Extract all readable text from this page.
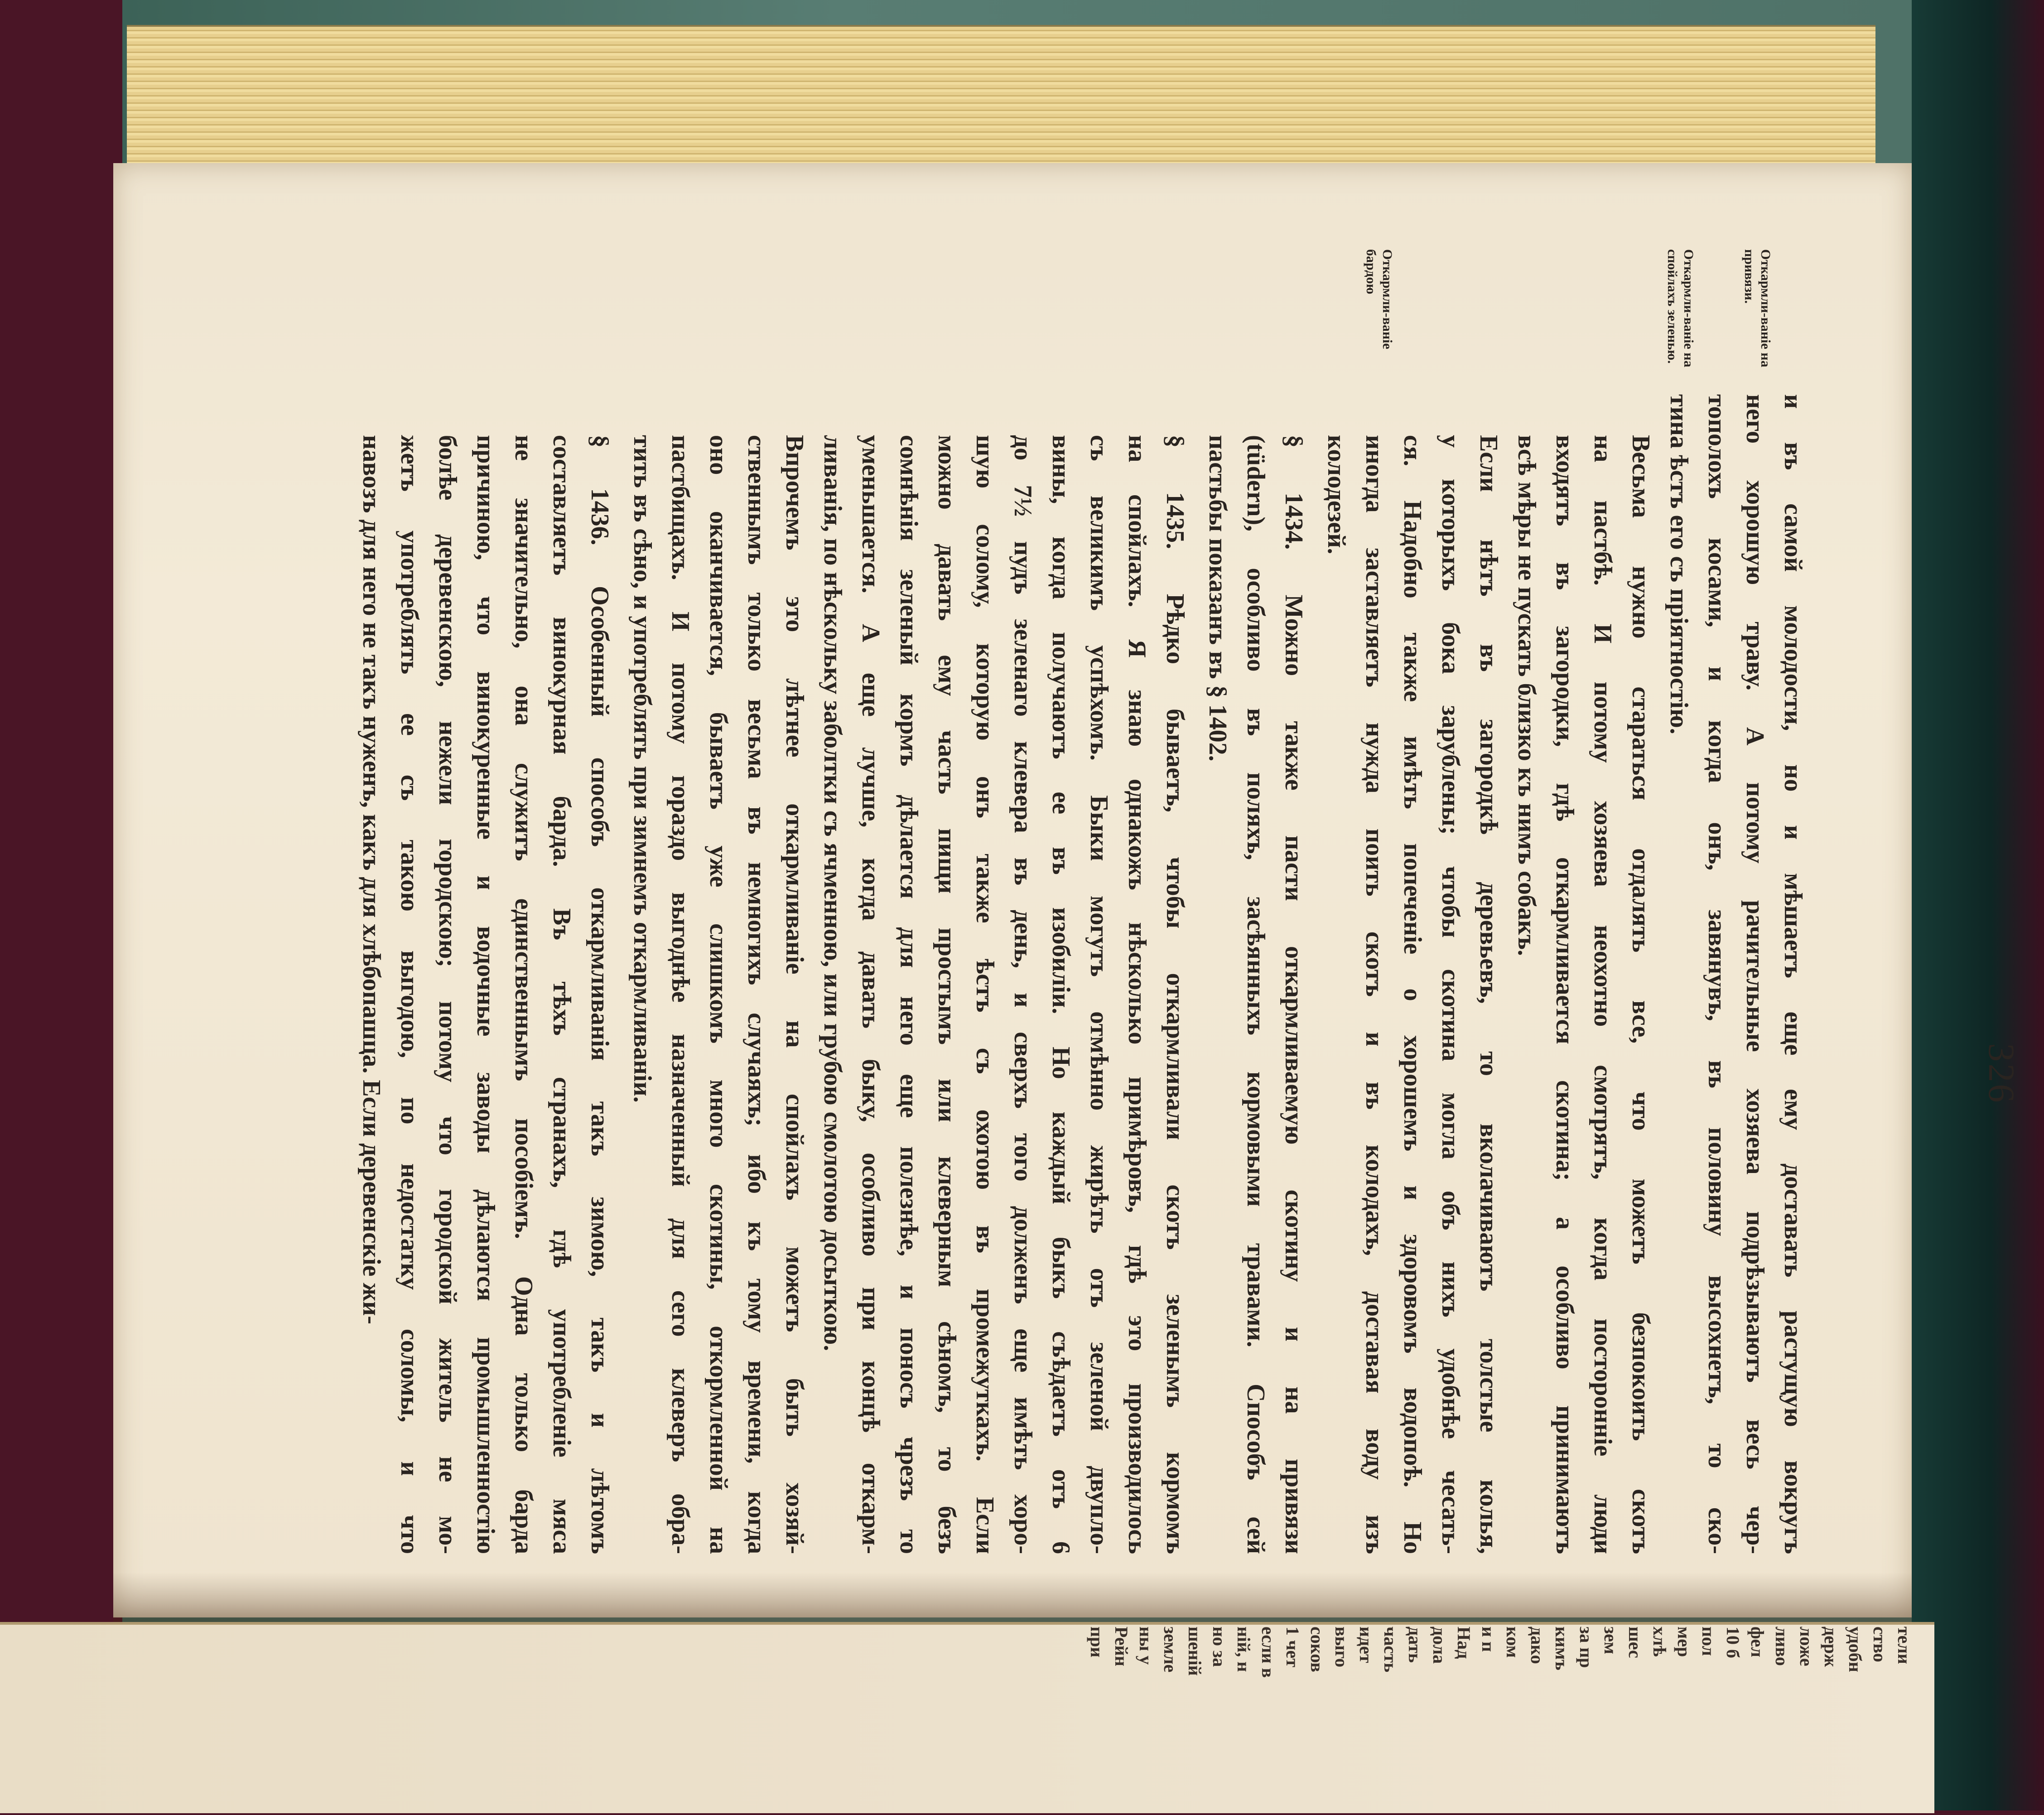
тели
ство
удобн
держ
ложе
ливо
фел
10 б
пол
мер
хлѣ
шес
зем
за пр
кимъ
дако
ком
и п
Над
дола
дать
часть
идет
выго
соков
1 чет
если в
ній, н
но за
шеній
земле
ны у
Рейн
при
326
Откармли-ваніе на привязи.
Откармли-ваніе на спойлахъ зеленью.
Откармли-ваніе бардою

и въ самой молодости, но и мѣшаетъ еще ему доставать растущую вокругъ
него хорошую траву. А потому рачительные хозяева подрѣзываютъ весь чер-
тополохъ косами, и когда онъ, завянувъ, въ половину высохнетъ, то ско-
тина ѣстъ его съ пріятностію.

Весьма нужно стараться отдалять все, что можетъ безпокоить скотъ
на пастбѣ. И потому хозяева неохотно смотрятъ, когда посторонніе люди
входятъ въ загородки, гдѣ откармливается скотина; а особливо принимаютъ
всѣ мѣры не пускать близко къ нимъ собакъ.

Если нѣтъ въ загородкѣ деревьевъ, то вколачиваютъ толстые колья,
у которыхъ бока зарублены; чтобы скотина могла объ нихъ удобнѣе чесать-
ся. Надобно также имѣть попеченіе о хорошемъ и здоровомъ водопоѣ. Но
иногда заставляетъ нужда поить скотъ и въ колодахъ, доставая воду изъ
колодезей.

§ 1434. Можно также пасти откармливаемую скотину и на привязи
(tüdern), особливо въ поляхъ, засѣянныхъ кормовыми травами. Способъ сей
пастьбы показанъ въ § 1402.

§ 1435. Рѣдко бываетъ, чтобы откармливали скотъ зеленымъ кормомъ
на спойлахъ. Я знаю однакожъ нѣсколько примѣровъ, гдѣ это производилось
съ великимъ успѣхомъ. Быки могутъ отмѣнно жирѣть отъ зеленой двупло-
вины, когда получаютъ ее въ изобиліи. Но каждый быкъ съѣдаетъ отъ 6
до 7½ пудъ зеленаго клевера въ день, и сверхъ того долженъ еще имѣть хоро-
шую солому, которую онъ также ѣстъ съ охотою въ промежуткахъ. Если
можно давать ему часть пищи простымъ или клеверным сѣномъ, то безъ
сомнѣнія зеленый кормъ дѣлается для него еще полезнѣе, и поносъ чрезъ то
уменьшается. А еще лучше, когда давать быку, особливо при концѣ откарм-
ливанія, по нѣскольку заболтки съ ячменною, или грубою смолотою досыткою.

Впрочемъ это лѣтнее откармливаніе на спойлахъ можетъ быть хозяй-
ственнымъ только весьма въ немногихъ случаяхъ; ибо къ тому времени, когда
оно оканчивается, бываетъ уже слишкомъ много скотины, откормленной на
пастбищахъ. И потому гораздо выгоднѣе назначенный для сего клеверъ обра-
тить въ сѣно, и употреблять при зимнемъ откармливаніи.

§ 1436. Особенный способъ откармливанія такъ зимою, такъ и лѣтомъ
составляетъ винокурная барда. Въ тѣхъ странахъ, гдѣ употребленіе мяса
не значительно, она служитъ единственнымъ пособіемъ. Одна только барда
причиною, что винокуренные и водочные заводы дѣлаются промышленностію
болѣе деревенскою, нежели городскою; потому что городской житель не мо-
жетъ употреблять ее съ такою выгодою, по недостатку соломы, и что
навозъ для него не такъ нуженъ, какъ для хлѣбопашца. Если деревенскіе жи-
